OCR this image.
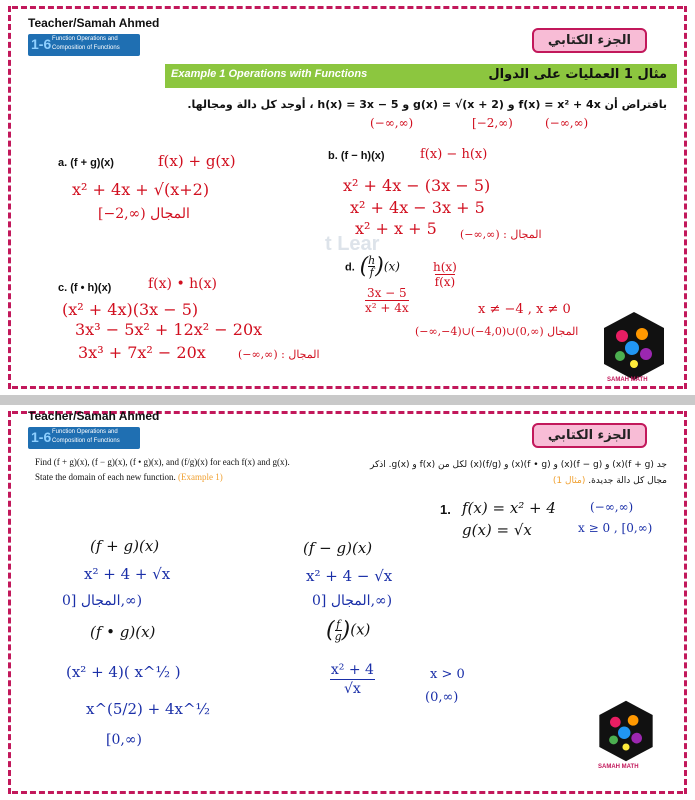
Teacher/Samah Ahmed
1-6 Function Operations and
Composition of Functions	الجزء الكتابي
Example 1 Operations with Functions	مثال 1 العمليات على الدوال
بافتراض أن f(x) = x² + 4x و g(x) = √(x + 2) و h(x) = 3x − 5 ، أوجد كل دالة ومجالها.
(−∞,∞)	[−2,∞)	(−∞,∞)
a. (f + g)(x)	f(x) + g(x)
x² + 4x + √(x+2)
[−2,∞) المجال
b. (f − h)(x)	f(x) − h(x)
x² + 4x − (3x − 5)
x² + 4x − 3x + 5
x² + x + 5 (−∞,∞) : المجال
t Lear
c. (f • h)(x)	f(x) • h(x)
(x² + 4x)(3x − 5)
3x³ − 5x² + 12x² − 20x
3x³ + 7x² − 20x	(−∞,∞) : المجال
d. $(\frac{h}{f} )(x)$	$\frac{h(x)}{f(x)}$
$\frac{3x - 5}{\text{x² + 4x}}$	x ≠ −4 , x ≠ 0
(−∞,−4)∪(−4,0)∪(0,∞) المجال
SAMAH MATH
Teacher/Samah Ahmed
1-6 Function Operations and
Composition of Functions	الجزء الكتابي
Find (f + g)(x), (f − g)(x), (f • g)(x), and (f/g)(x) for each f(x) and g(x). State the domain of each new function. (Example 1)
جد (f + g)(x) و (f − g)(x) و (f • g)(x) و (f/g)(x) لكل من f(x) و g(x). اذكر مجال كل دالة جديدة. (مثال 1)
1. f(x) = x² + 4
g(x) = √x
(−∞,∞)
x ≥ 0 , [0,∞)
(f + g)(x)
x² + 4 + √x
المجال [0,∞)
(f − g)(x)
x² + 4 − √x
المجال [0,∞)
(f • g)(x)
(x² + 4)( x^½ )
x^(5/2) + 4x^½
[0,∞)
$(\frac{f}{g} )(x)$
$\frac{\text{x² + 4}}{√x}$	x > 0
(0,∞)
SAMAH MATH
